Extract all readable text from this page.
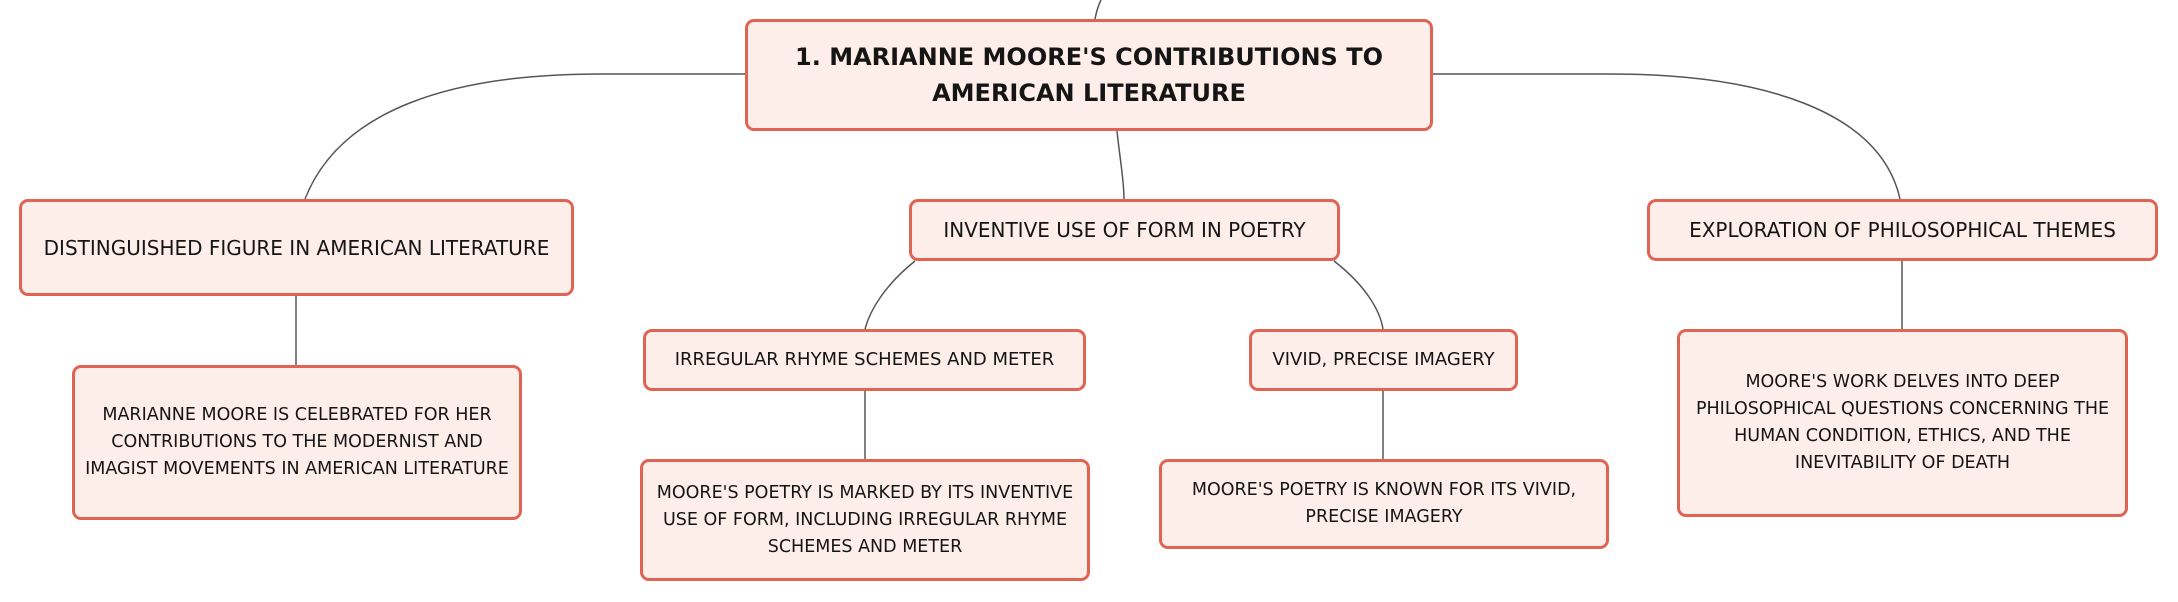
1. MARIANNE MOORE'S CONTRIBUTIONS TO AMERICAN LITERATURE
DISTINGUISHED FIGURE IN AMERICAN LITERATURE
INVENTIVE USE OF FORM IN POETRY	EXPLORATION OF PHILOSOPHICAL THEMES
IRREGULAR RHYME SCHEMES AND METER	VIVID, PRECISE IMAGERY
MARIANNE MOORE IS CELEBRATED FOR HER CONTRIBUTIONS TO THE MODERNIST AND IMAGIST MOVEMENTS IN AMERICAN LITERATURE
MOORE'S POETRY IS MARKED BY ITS INVENTIVE USE OF FORM, INCLUDING IRREGULAR RHYME SCHEMES AND METER
MOORE'S POETRY IS KNOWN FOR ITS VIVID, PRECISE IMAGERY
MOORE'S WORK DELVES INTO DEEP PHILOSOPHICAL QUESTIONS CONCERNING THE HUMAN CONDITION, ETHICS, AND THE INEVITABILITY OF DEATH
